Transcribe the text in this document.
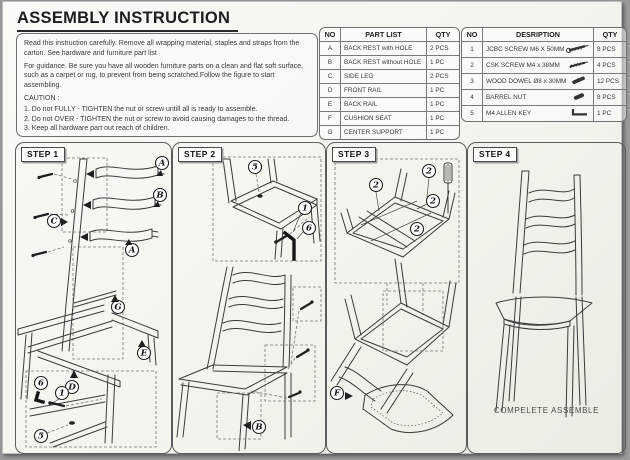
ASSEMBLY INSTRUCTION

Read this instruction carefully. Remove all wrapping material, staples and straps from the carton. See hardware and furniture part list

For guidance. Be sure you have all wooden furniture parts on a clean and flat soft surface, such as a carpet or rug, to prevent from being scratched.Follow the figure to start assembling.

CAUTION :

1. Do not FULLY - TIGHTEN the nut or screw untill all is ready to assemble.

2. Do not OVER - TIGHTEN the nut or screw to avoid causing damages to the thread.

3. Keep all hardware part out reach of children.

NO	PART LIST	QTY
A	BACK REST with HOLE	2 PCS
B	BACK REST without HOLE	1 PC
C	SIDE LEG	2 PCS
D	FRONT RAIL	1 PC
E	BACK RAIL	1 PC
F	CUSHION SEAT	1 PC
G	CENTER SUPPORT	1 PC
NO	DESRIPTION	QTY
1	JCBC SCREW M6 X 50MM	8 PCS
2	CSK SCREW M4 x 38MM	4 PCS
3	WOOD DOWEL Ø8 x 30MM	12 PCS
4	BARREL NUT	8 PCS
5	M4 ALLEN KEY	1 PC
STEP 1
A
B
A
C
G
E
D
6
1
5
STEP 2
5
1
6
B
STEP 3
2
2
2
2
F
STEP 4
COMPELETE ASSEMBLE
